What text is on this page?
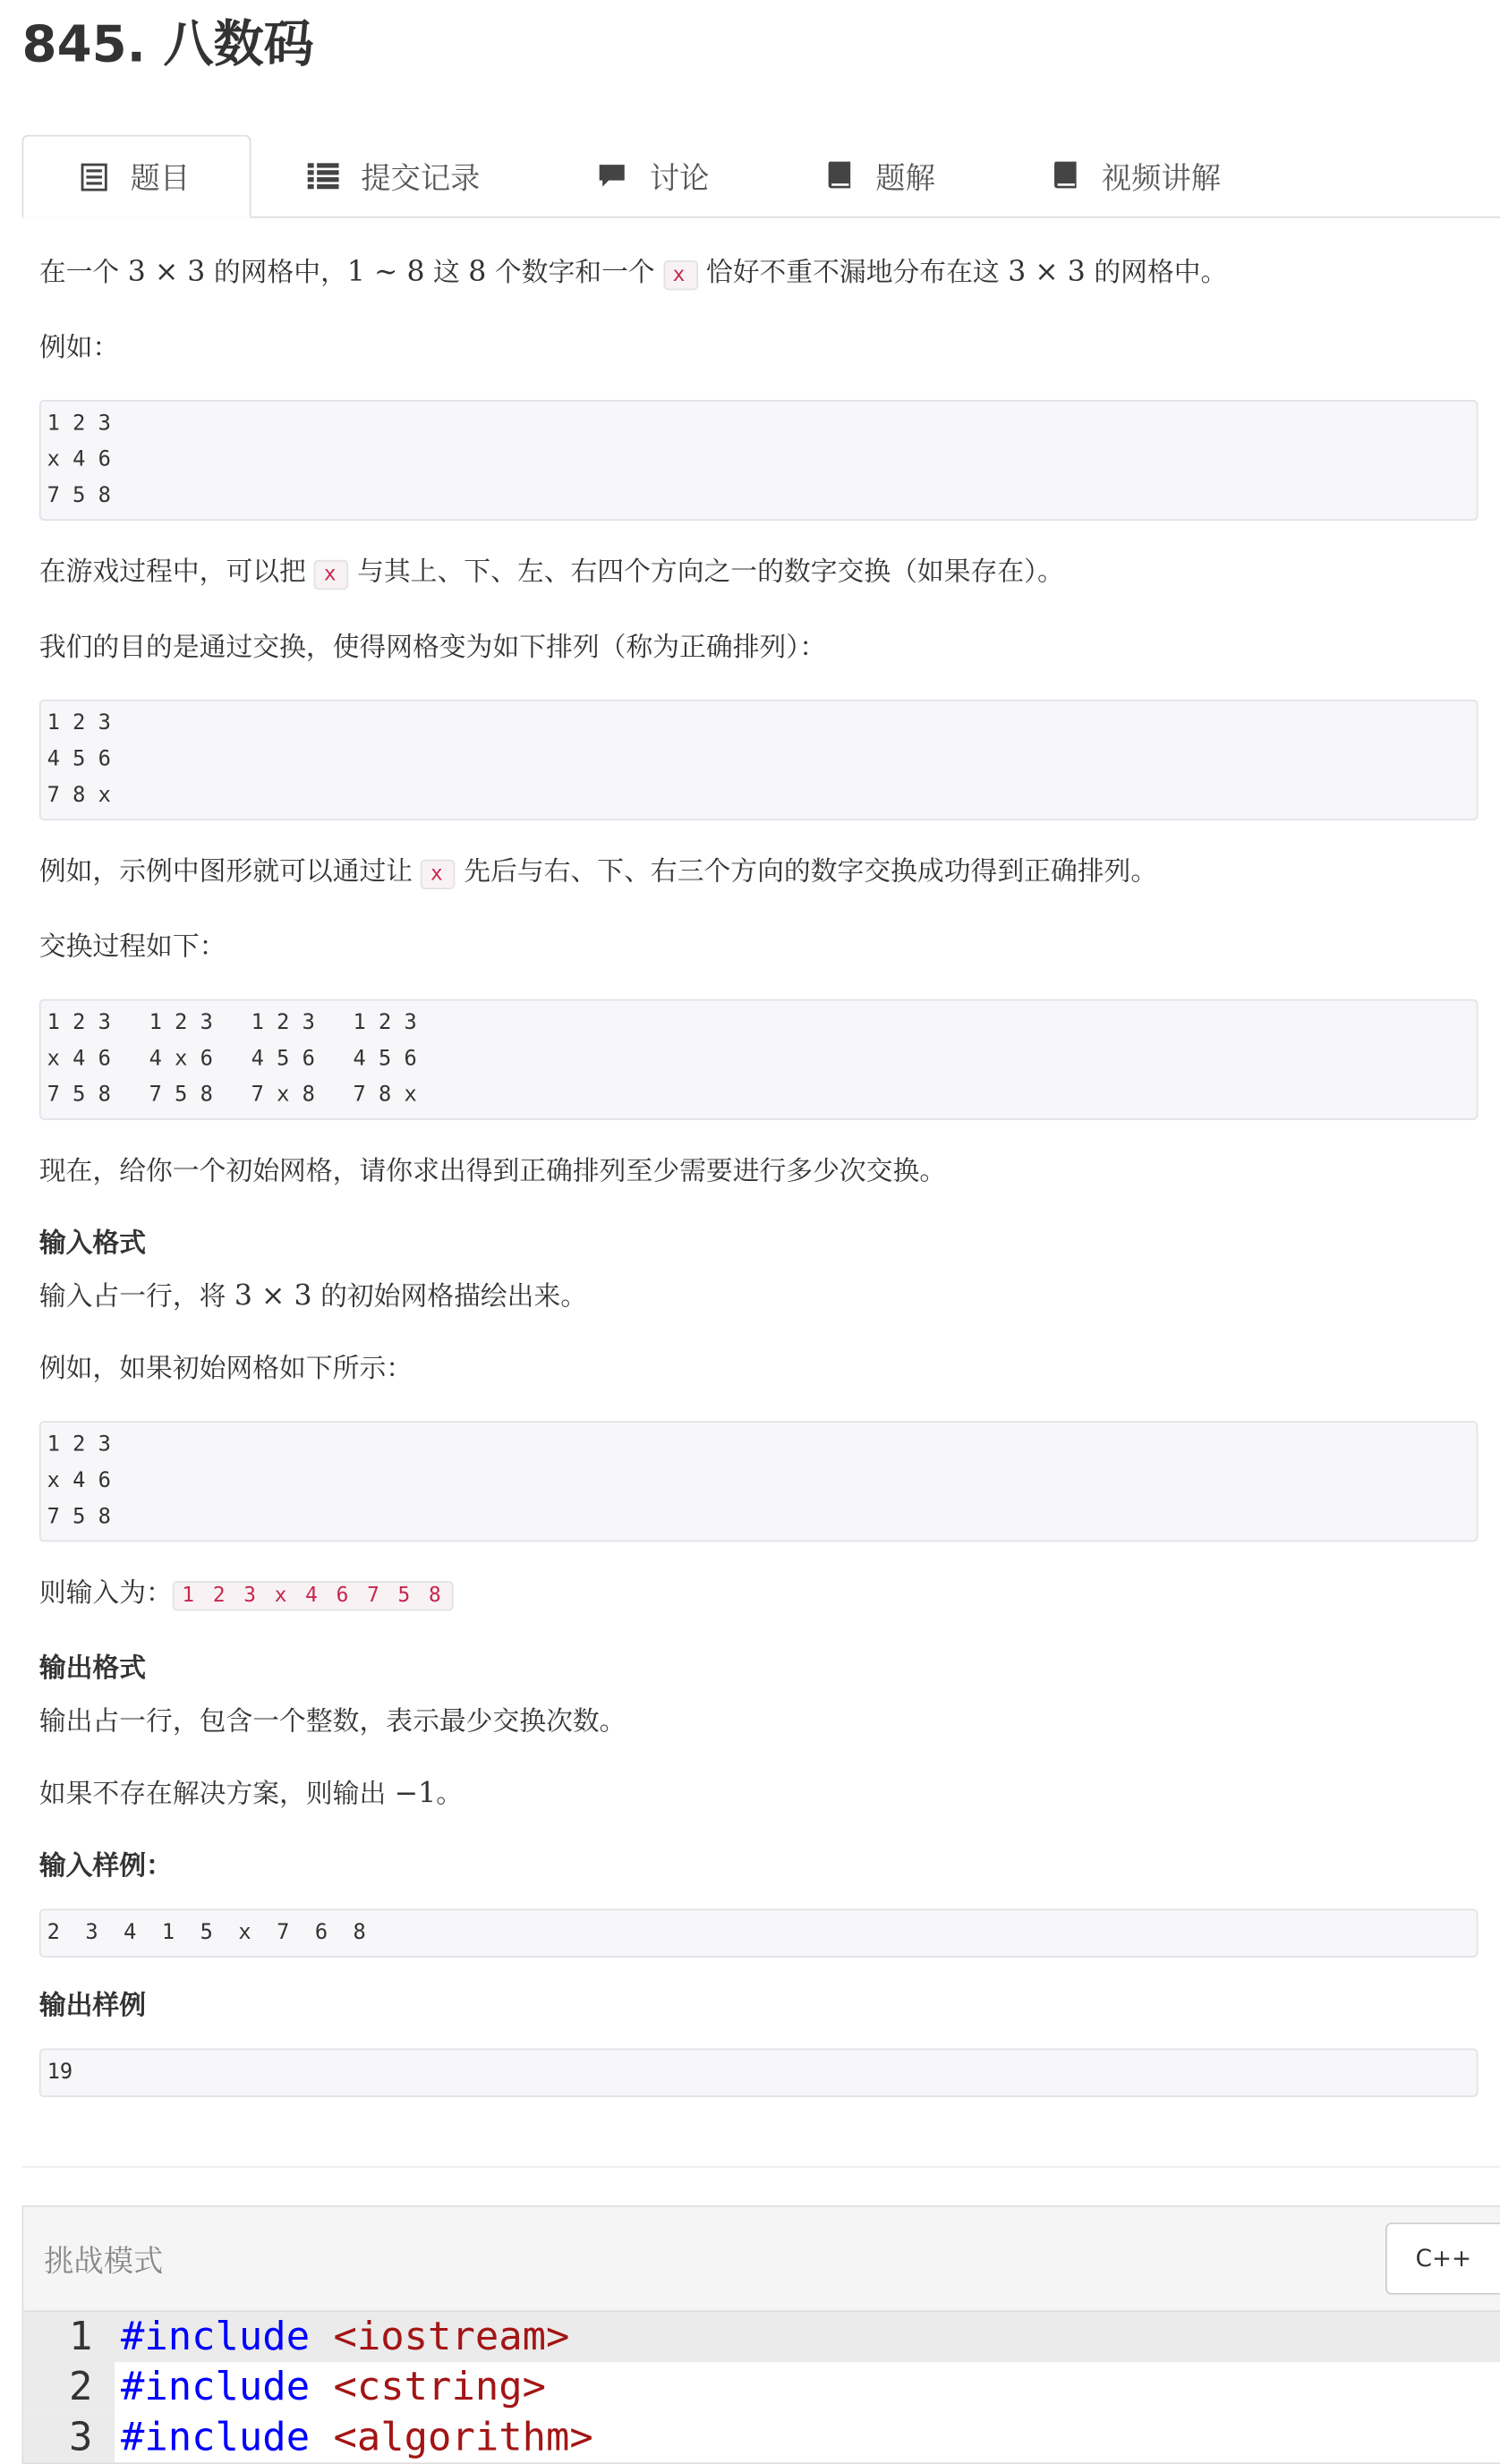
845. 八数码
题目	提交记录	讨论	题解	视频讲解

在一个 3 × 3 的网格中，1 ∼ 8 这 8 个数字和一个 x 恰好不重不漏地分布在这 3 × 3 的网格中。

例如：

1 2 3
x 4 6
7 5 8

在游戏过程中，可以把 x 与其上、下、左、右四个方向之一的数字交换（如果存在）。

我们的目的是通过交换，使得网格变为如下排列（称为正确排列）：

1 2 3
4 5 6
7 8 x

例如，示例中图形就可以通过让 x 先后与右、下、右三个方向的数字交换成功得到正确排列。

交换过程如下：

1 2 3   1 2 3   1 2 3   1 2 3
x 4 6   4 x 6   4 5 6   4 5 6
7 5 8   7 5 8   7 x 8   7 8 x

现在，给你一个初始网格，请你求出得到正确排列至少需要进行多少次交换。

输入格式

输入占一行，将 3 × 3 的初始网格描绘出来。

例如，如果初始网格如下所示：

1 2 3
x 4 6
7 5 8

则输入为： 1 2 3 x 4 6 7 5 8

输出格式

输出占一行，包含一个整数，表示最少交换次数。

如果不存在解决方案，则输出 −1。

输入样例：
2  3  4  1  5  x  7  6  8
输出样例
19
挑战模式	C++
1	#include <iostream>
2	#include <cstring>
3	#include <algorithm>
